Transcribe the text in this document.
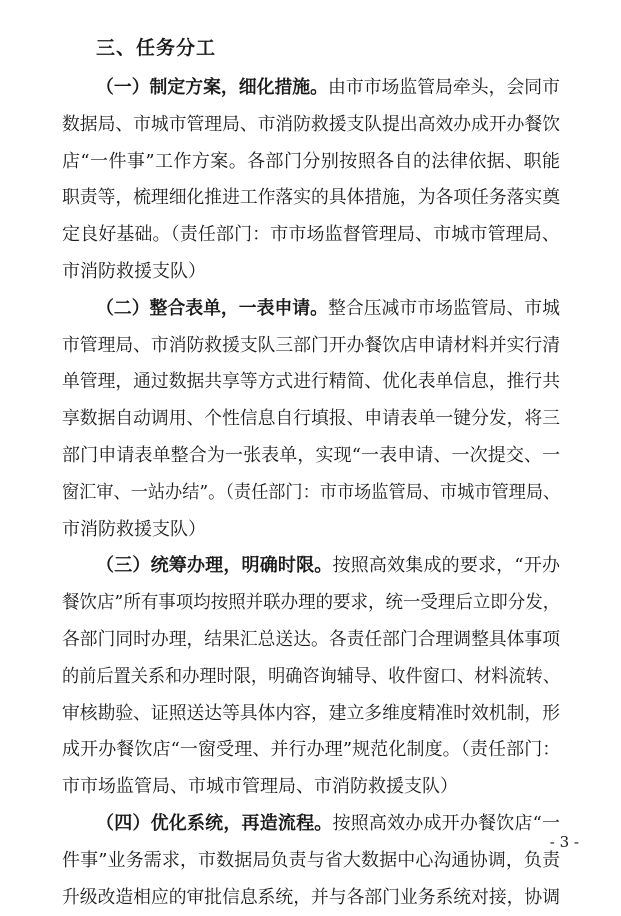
三、任务分工
（一）制定方案，细化措施。由市市场监管局牵头，会同市
数据局、市城市管理局、市消防救援支队提出高效办成开办餐饮
店“一件事”工作方案。各部门分别按照各自的法律依据、职能
职责等，梳理细化推进工作落实的具体措施，为各项任务落实奠
定良好基础。（责任部门：市市场监督管理局、市城市管理局、
市消防救援支队）
（二）整合表单，一表申请。整合压减市市场监管局、市城
市管理局、市消防救援支队三部门开办餐饮店申请材料并实行清
单管理，通过数据共享等方式进行精简、优化表单信息，推行共
享数据自动调用、个性信息自行填报、申请表单一键分发，将三
部门申请表单整合为一张表单，实现“一表申请、一次提交、一
窗汇审、一站办结”。（责任部门：市市场监管局、市城市管理局、
市消防救援支队）
（三）统筹办理，明确时限。按照高效集成的要求，“开办
餐饮店”所有事项均按照并联办理的要求，统一受理后立即分发，
各部门同时办理，结果汇总送达。各责任部门合理调整具体事项
的前后置关系和办理时限，明确咨询辅导、收件窗口、材料流转、
审核勘验、证照送达等具体内容，建立多维度精准时效机制，形
成开办餐饮店“一窗受理、并行办理”规范化制度。（责任部门：
市市场监管局、市城市管理局、市消防救援支队）
（四）优化系统，再造流程。按照高效办成开办餐饮店“一
件事”业务需求，市数据局负责与省大数据中心沟通协调，负责
升级改造相应的审批信息系统，并与各部门业务系统对接，协调
- 3 -
